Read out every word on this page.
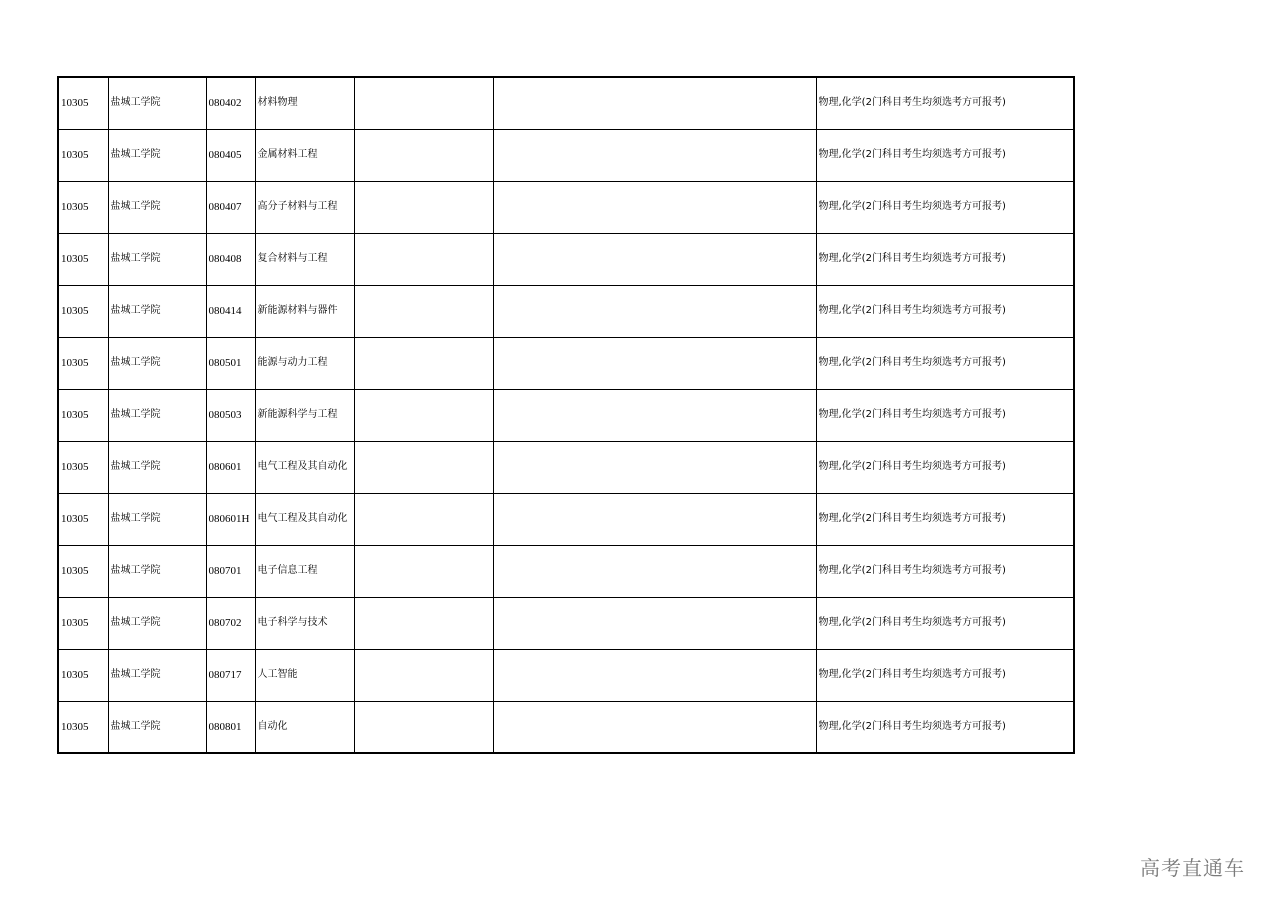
10305	盐城工学院	080402	材料物理			物理,化学(2门科目考生均须选考方可报考)
10305	盐城工学院	080405	金属材料工程			物理,化学(2门科目考生均须选考方可报考)
10305	盐城工学院	080407	高分子材料与工程			物理,化学(2门科目考生均须选考方可报考)
10305	盐城工学院	080408	复合材料与工程			物理,化学(2门科目考生均须选考方可报考)
10305	盐城工学院	080414	新能源材料与器件			物理,化学(2门科目考生均须选考方可报考)
10305	盐城工学院	080501	能源与动力工程			物理,化学(2门科目考生均须选考方可报考)
10305	盐城工学院	080503	新能源科学与工程			物理,化学(2门科目考生均须选考方可报考)
10305	盐城工学院	080601	电气工程及其自动化			物理,化学(2门科目考生均须选考方可报考)
10305	盐城工学院	080601H	电气工程及其自动化			物理,化学(2门科目考生均须选考方可报考)
10305	盐城工学院	080701	电子信息工程			物理,化学(2门科目考生均须选考方可报考)
10305	盐城工学院	080702	电子科学与技术			物理,化学(2门科目考生均须选考方可报考)
10305	盐城工学院	080717	人工智能			物理,化学(2门科目考生均须选考方可报考)
10305	盐城工学院	080801	自动化			物理,化学(2门科目考生均须选考方可报考)
高考直通车
